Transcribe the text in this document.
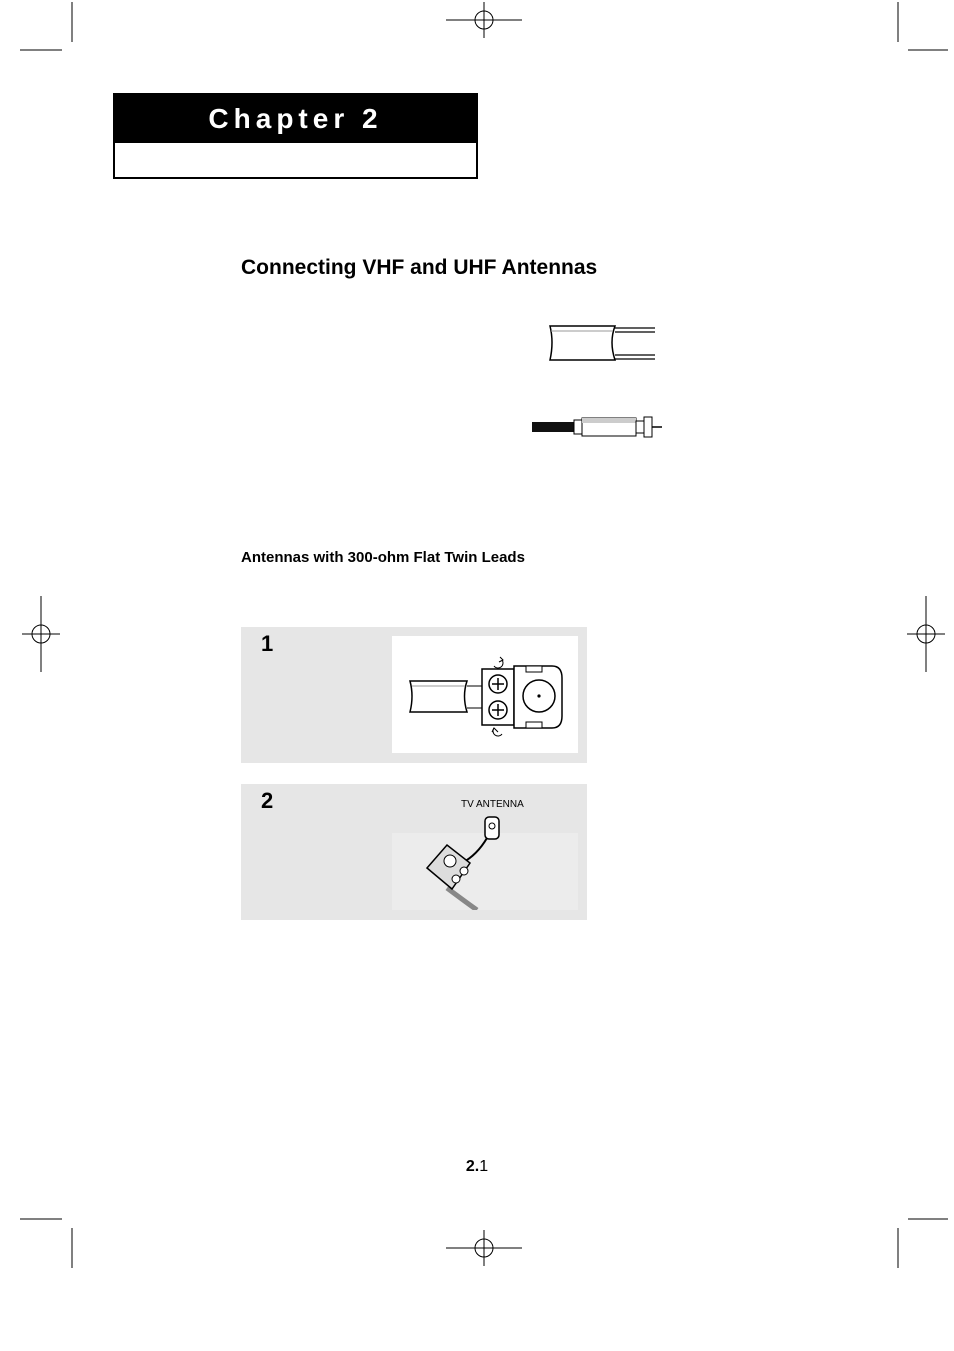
Chapter 2
Connecting VHF and UHF Antennas
Antennas with 300-ohm Flat Twin Leads
1
2	TV ANTENNA
2.1
